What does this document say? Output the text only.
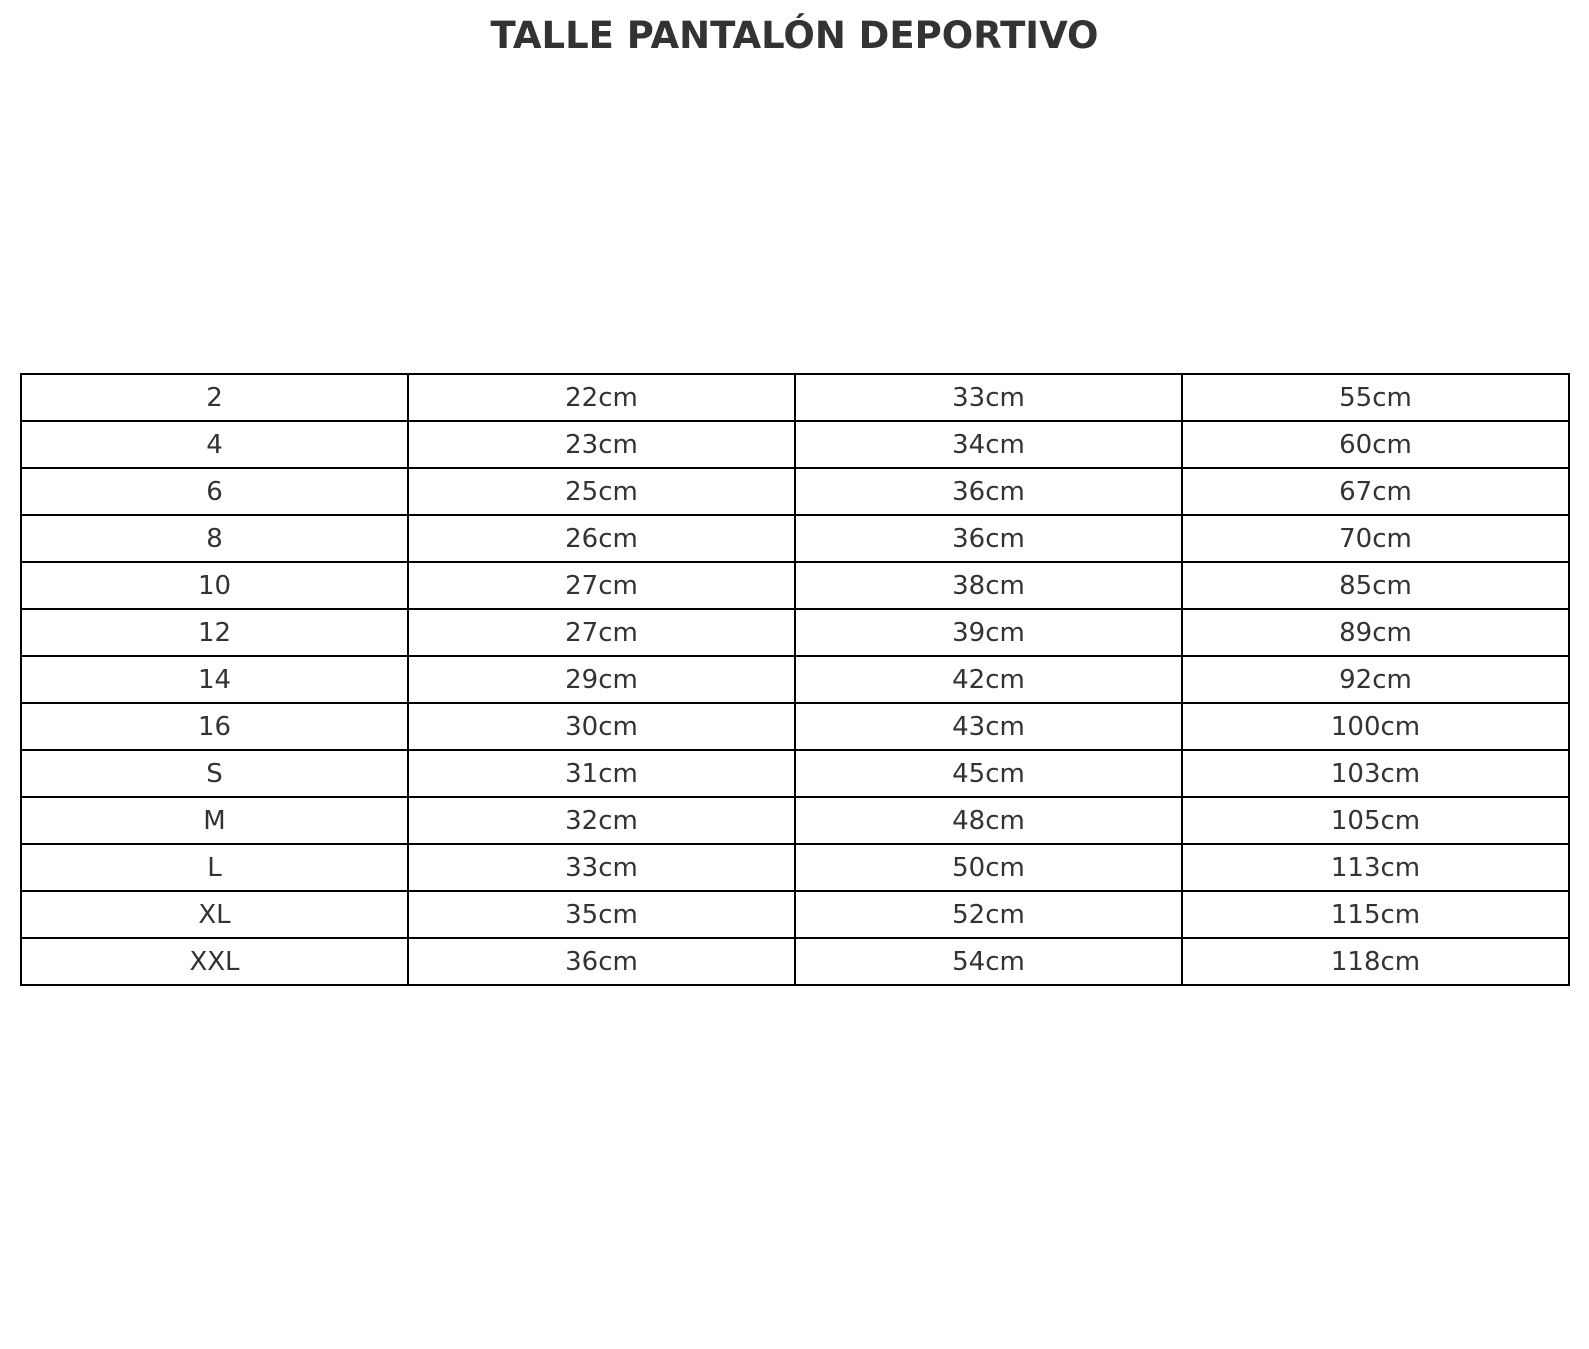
TALLE PANTALÓN DEPORTIVO
2	22cm	33cm	55cm
4	23cm	34cm	60cm
6	25cm	36cm	67cm
8	26cm	36cm	70cm
10	27cm	38cm	85cm
12	27cm	39cm	89cm
14	29cm	42cm	92cm
16	30cm	43cm	100cm
S	31cm	45cm	103cm
M	32cm	48cm	105cm
L	33cm	50cm	113cm
XL	35cm	52cm	115cm
XXL	36cm	54cm	118cm
